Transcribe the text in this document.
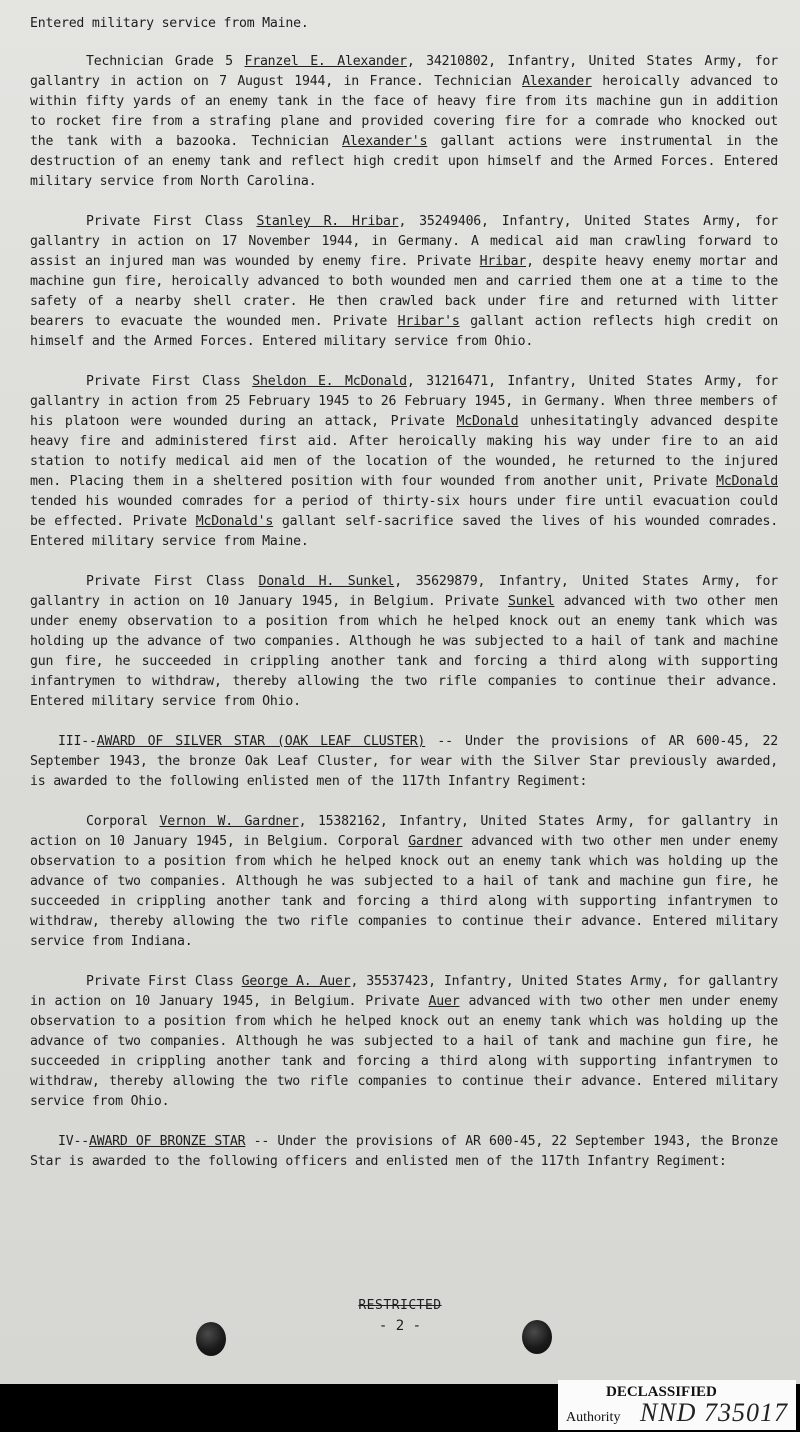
Entered military service from Maine.

Technician Grade 5 Franzel E. Alexander, 34210802, Infantry, United States Army, for gallantry in action on 7 August 1944, in France. Technician Alexander heroically advanced to within fifty yards of an enemy tank in the face of heavy fire from its machine gun in addition to rocket fire from a strafing plane and provided covering fire for a comrade who knocked out the tank with a bazooka. Technician Alexander's gallant actions were instrumental in the destruction of an enemy tank and reflect high credit upon himself and the Armed Forces. Entered military service from North Carolina.

Private First Class Stanley R. Hribar, 35249406, Infantry, United States Army, for gallantry in action on 17 November 1944, in Germany. A medical aid man crawling forward to assist an injured man was wounded by enemy fire. Private Hribar, despite heavy enemy mortar and machine gun fire, heroically advanced to both wounded men and carried them one at a time to the safety of a nearby shell crater. He then crawled back under fire and returned with litter bearers to evacuate the wounded men. Private Hribar's gallant action reflects high credit on himself and the Armed Forces. Entered military service from Ohio.

Private First Class Sheldon E. McDonald, 31216471, Infantry, United States Army, for gallantry in action from 25 February 1945 to 26 February 1945, in Germany. When three members of his platoon were wounded during an attack, Private McDonald unhesitatingly advanced despite heavy fire and administered first aid. After heroically making his way under fire to an aid station to notify medical aid men of the location of the wounded, he returned to the injured men. Placing them in a sheltered position with four wounded from another unit, Private McDonald tended his wounded comrades for a period of thirty-six hours under fire until evacuation could be effected. Private McDonald's gallant self-sacrifice saved the lives of his wounded comrades. Entered military service from Maine.

Private First Class Donald H. Sunkel, 35629879, Infantry, United States Army, for gallantry in action on 10 January 1945, in Belgium. Private Sunkel advanced with two other men under enemy observation to a position from which he helped knock out an enemy tank which was holding up the advance of two companies. Although he was subjected to a hail of tank and machine gun fire, he succeeded in crippling another tank and forcing a third along with supporting infantrymen to withdraw, thereby allowing the two rifle companies to continue their advance. Entered military service from Ohio.

III--AWARD OF SILVER STAR (OAK LEAF CLUSTER) -- Under the provisions of AR 600-45, 22 September 1943, the bronze Oak Leaf Cluster, for wear with the Silver Star previously awarded, is awarded to the following enlisted men of the 117th Infantry Regiment:

Corporal Vernon W. Gardner, 15382162, Infantry, United States Army, for gallantry in action on 10 January 1945, in Belgium. Corporal Gardner advanced with two other men under enemy observation to a position from which he helped knock out an enemy tank which was holding up the advance of two companies. Although he was subjected to a hail of tank and machine gun fire, he succeeded in crippling another tank and forcing a third along with supporting infantrymen to withdraw, thereby allowing the two rifle companies to continue their advance. Entered military service from Indiana.

Private First Class George A. Auer, 35537423, Infantry, United States Army, for gallantry in action on 10 January 1945, in Belgium. Private Auer advanced with two other men under enemy observation to a position from which he helped knock out an enemy tank which was holding up the advance of two companies. Although he was subjected to a hail of tank and machine gun fire, he succeeded in crippling another tank and forcing a third along with supporting infantrymen to withdraw, thereby allowing the two rifle companies to continue their advance. Entered military service from Ohio.

IV--AWARD OF BRONZE STAR -- Under the provisions of AR 600-45, 22 September 1943, the Bronze Star is awarded to the following officers and enlisted men of the 117th Infantry Regiment:

RESTRICTED
- 2 -
DECLASSIFIED
Authority NND 735017
